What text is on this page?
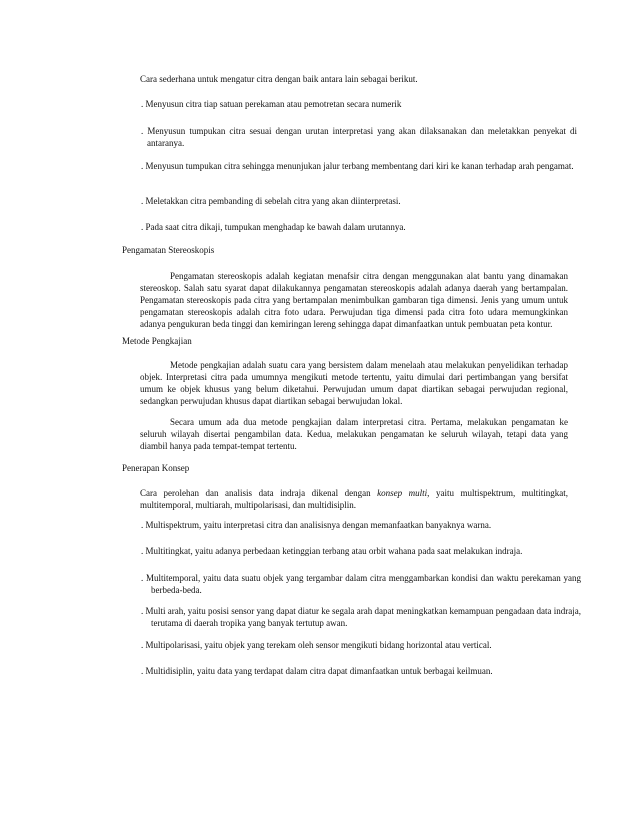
Cara sederhana untuk mengatur citra dengan baik antara lain sebagai berikut.

. Menyusun citra tiap satuan perekaman atau pemotretan secara numerik

. Menyusun tumpukan citra sesuai dengan urutan interpretasi yang akan dilaksanakan dan meletakkan penyekat di antaranya.

. Menyusun tumpukan citra sehingga menunjukan jalur terbang membentang dari kiri ke kanan terhadap arah pengamat.

. Meletakkan citra pembanding di sebelah citra yang akan diinterpretasi.

. Pada saat citra dikaji, tumpukan menghadap ke bawah dalam urutannya.

Pengamatan Stereoskopis

Pengamatan stereoskopis adalah kegiatan menafsir citra dengan menggunakan alat bantu yang dinamakan stereoskop. Salah satu syarat dapat dilakukannya pengamatan stereoskopis adalah adanya daerah yang bertampalan. Pengamatan stereoskopis pada citra yang bertampalan menimbulkan gambaran tiga dimensi. Jenis yang umum untuk pengamatan stereoskopis adalah citra foto udara. Perwujudan tiga dimensi pada citra foto udara memungkinkan adanya pengukuran beda tinggi dan kemiringan lereng sehingga dapat dimanfaatkan untuk pembuatan peta kontur.

Metode Pengkajian

Metode pengkajian adalah suatu cara yang bersistem dalam menelaah atau melakukan penyelidikan terhadap objek. Interpretasi citra pada umumnya mengikuti metode tertentu, yaitu dimulai dari pertimbangan yang bersifat umum ke objek khusus yang belum diketahui. Perwujudan umum dapat diartikan sebagai perwujudan regional, sedangkan perwujudan khusus dapat diartikan sebagai berwujudan lokal.

Secara umum ada dua metode pengkajian dalam interpretasi citra. Pertama, melakukan pengamatan ke seluruh wilayah disertai pengambilan data. Kedua, melakukan pengamatan ke seluruh wilayah, tetapi data yang diambil hanya pada tempat-tempat tertentu.

Penerapan Konsep

Cara perolehan dan analisis data indraja dikenal dengan konsep multi, yaitu multispektrum, multitingkat, multitemporal, multiarah, multipolarisasi, dan multidisiplin.

. Multispektrum, yaitu interpretasi citra dan analisisnya dengan memanfaatkan banyaknya warna.

. Multitingkat, yaitu adanya perbedaan ketinggian terbang atau orbit wahana pada saat melakukan indraja.

. Multitemporal, yaitu data suatu objek yang tergambar dalam citra menggambarkan kondisi dan waktu perekaman yang berbeda-beda.

. Multi arah, yaitu posisi sensor yang dapat diatur ke segala arah dapat meningkatkan kemampuan pengadaan data indraja, terutama di daerah tropika yang banyak tertutup awan.

. Multipolarisasi, yaitu objek yang terekam oleh sensor mengikuti bidang horizontal atau vertical.

. Multidisiplin, yaitu data yang terdapat dalam citra dapat dimanfaatkan untuk berbagai keilmuan.
